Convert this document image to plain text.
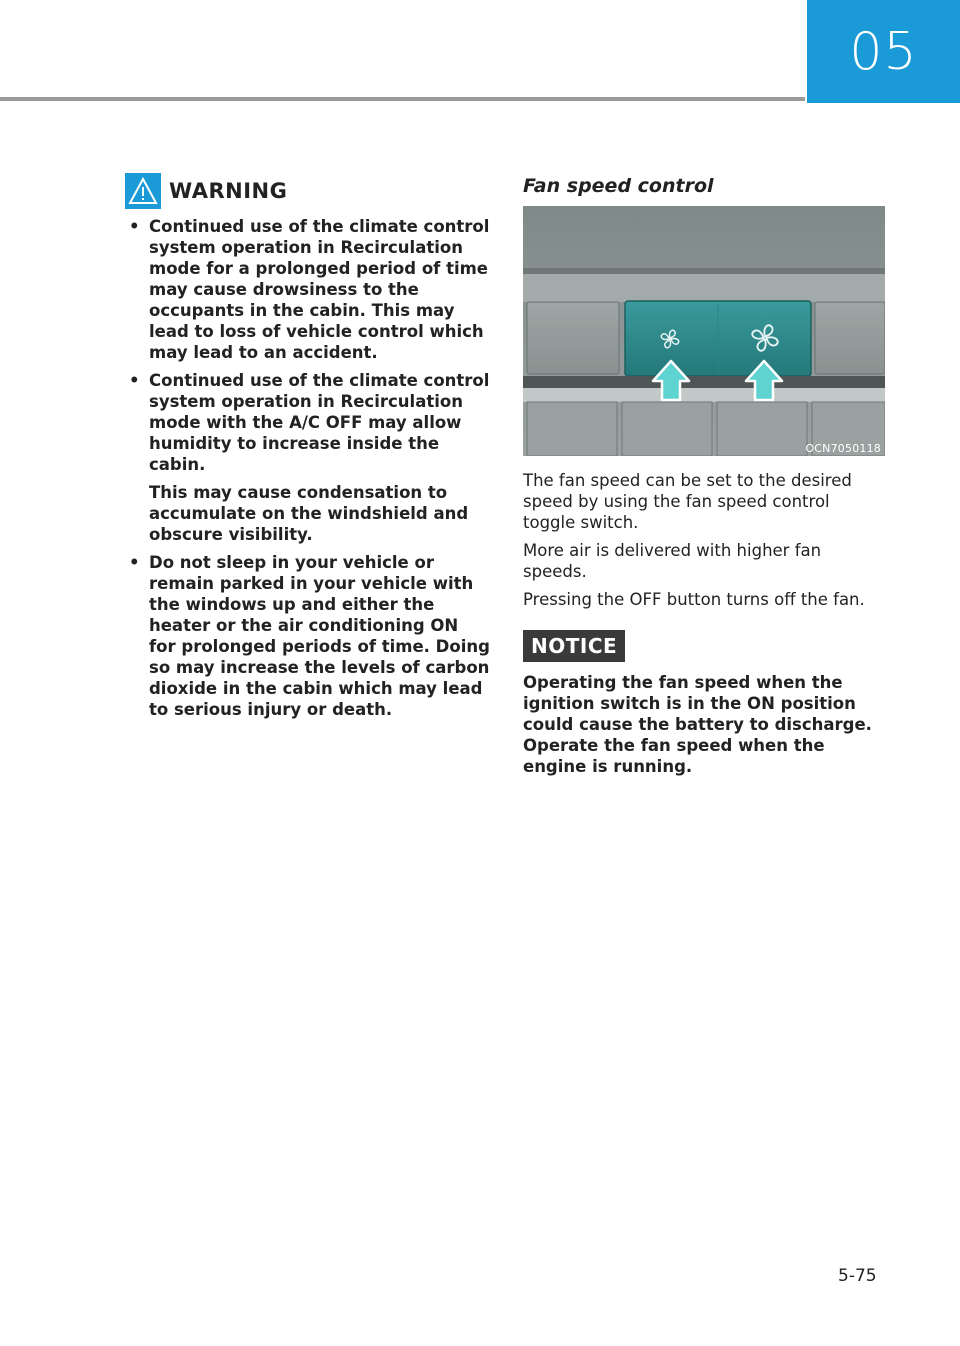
05
WARNING

• Continued use of the climate control system operation in Recirculation mode for a prolonged period of time may cause drowsiness to the occupants in the cabin. This may lead to loss of vehicle control which may lead to an accident.

• Continued use of the climate control system operation in Recirculation mode with the A/C OFF may allow humidity to increase inside the cabin.

This may cause condensation to accumulate on the windshield and obscure visibility.

• Do not sleep in your vehicle or remain parked in your vehicle with the windows up and either the heater or the air conditioning ON for prolonged periods of time. Doing so may increase the levels of carbon dioxide in the cabin which may lead to serious injury or death.

Fan speed control
OCN7050118

The fan speed can be set to the desired speed by using the fan speed control toggle switch.

More air is delivered with higher fan speeds.

Pressing the OFF button turns off the fan.

NOTICE

Operating the fan speed when the ignition switch is in the ON position could cause the battery to discharge. Operate the fan speed when the engine is running.

5-75
